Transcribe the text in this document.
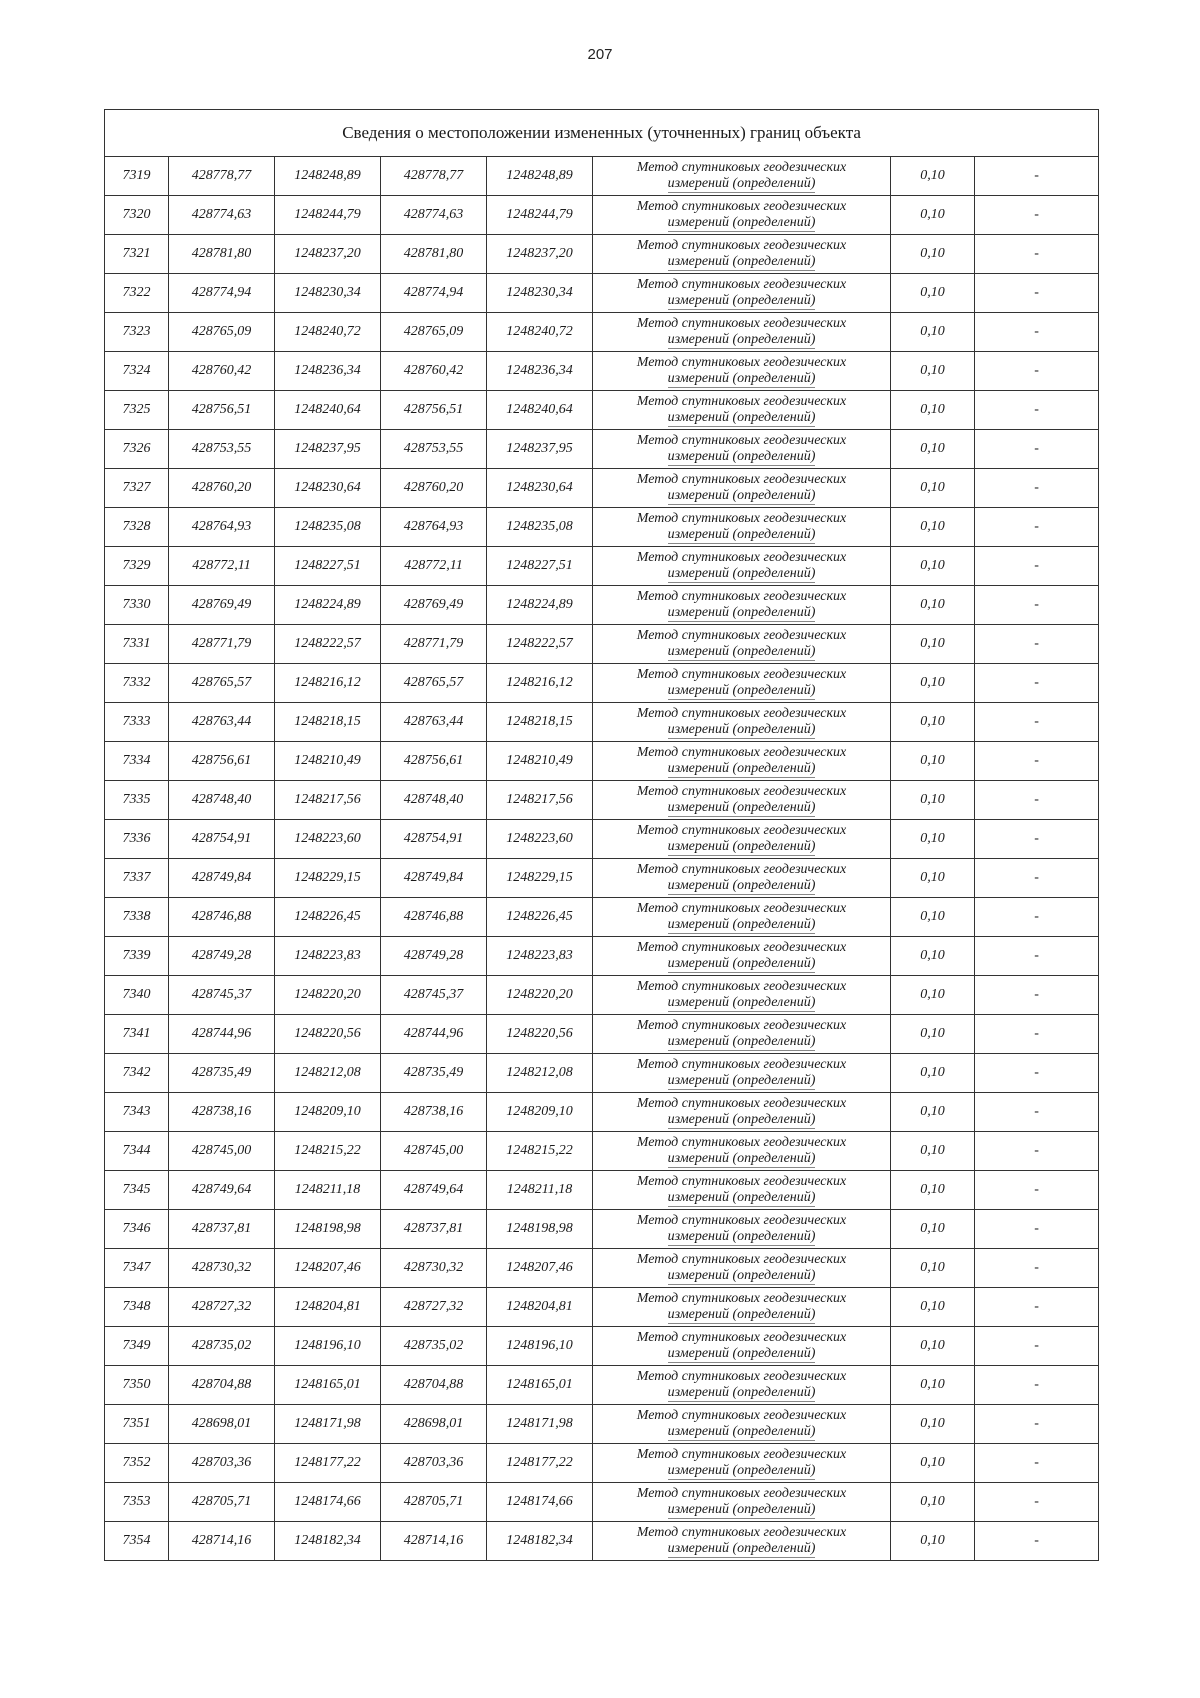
207
Сведения о местоположении измененных (уточненных) границ объекта							
7319	428778,77	1248248,89	428778,77	1248248,89	Метод спутниковых геодезических
измерений (определений)	0,10	-
7320	428774,63	1248244,79	428774,63	1248244,79	Метод спутниковых геодезических
измерений (определений)	0,10	-
7321	428781,80	1248237,20	428781,80	1248237,20	Метод спутниковых геодезических
измерений (определений)	0,10	-
7322	428774,94	1248230,34	428774,94	1248230,34	Метод спутниковых геодезических
измерений (определений)	0,10	-
7323	428765,09	1248240,72	428765,09	1248240,72	Метод спутниковых геодезических
измерений (определений)	0,10	-
7324	428760,42	1248236,34	428760,42	1248236,34	Метод спутниковых геодезических
измерений (определений)	0,10	-
7325	428756,51	1248240,64	428756,51	1248240,64	Метод спутниковых геодезических
измерений (определений)	0,10	-
7326	428753,55	1248237,95	428753,55	1248237,95	Метод спутниковых геодезических
измерений (определений)	0,10	-
7327	428760,20	1248230,64	428760,20	1248230,64	Метод спутниковых геодезических
измерений (определений)	0,10	-
7328	428764,93	1248235,08	428764,93	1248235,08	Метод спутниковых геодезических
измерений (определений)	0,10	-
7329	428772,11	1248227,51	428772,11	1248227,51	Метод спутниковых геодезических
измерений (определений)	0,10	-
7330	428769,49	1248224,89	428769,49	1248224,89	Метод спутниковых геодезических
измерений (определений)	0,10	-
7331	428771,79	1248222,57	428771,79	1248222,57	Метод спутниковых геодезических
измерений (определений)	0,10	-
7332	428765,57	1248216,12	428765,57	1248216,12	Метод спутниковых геодезических
измерений (определений)	0,10	-
7333	428763,44	1248218,15	428763,44	1248218,15	Метод спутниковых геодезических
измерений (определений)	0,10	-
7334	428756,61	1248210,49	428756,61	1248210,49	Метод спутниковых геодезических
измерений (определений)	0,10	-
7335	428748,40	1248217,56	428748,40	1248217,56	Метод спутниковых геодезических
измерений (определений)	0,10	-
7336	428754,91	1248223,60	428754,91	1248223,60	Метод спутниковых геодезических
измерений (определений)	0,10	-
7337	428749,84	1248229,15	428749,84	1248229,15	Метод спутниковых геодезических
измерений (определений)	0,10	-
7338	428746,88	1248226,45	428746,88	1248226,45	Метод спутниковых геодезических
измерений (определений)	0,10	-
7339	428749,28	1248223,83	428749,28	1248223,83	Метод спутниковых геодезических
измерений (определений)	0,10	-
7340	428745,37	1248220,20	428745,37	1248220,20	Метод спутниковых геодезических
измерений (определений)	0,10	-
7341	428744,96	1248220,56	428744,96	1248220,56	Метод спутниковых геодезических
измерений (определений)	0,10	-
7342	428735,49	1248212,08	428735,49	1248212,08	Метод спутниковых геодезических
измерений (определений)	0,10	-
7343	428738,16	1248209,10	428738,16	1248209,10	Метод спутниковых геодезических
измерений (определений)	0,10	-
7344	428745,00	1248215,22	428745,00	1248215,22	Метод спутниковых геодезических
измерений (определений)	0,10	-
7345	428749,64	1248211,18	428749,64	1248211,18	Метод спутниковых геодезических
измерений (определений)	0,10	-
7346	428737,81	1248198,98	428737,81	1248198,98	Метод спутниковых геодезических
измерений (определений)	0,10	-
7347	428730,32	1248207,46	428730,32	1248207,46	Метод спутниковых геодезических
измерений (определений)	0,10	-
7348	428727,32	1248204,81	428727,32	1248204,81	Метод спутниковых геодезических
измерений (определений)	0,10	-
7349	428735,02	1248196,10	428735,02	1248196,10	Метод спутниковых геодезических
измерений (определений)	0,10	-
7350	428704,88	1248165,01	428704,88	1248165,01	Метод спутниковых геодезических
измерений (определений)	0,10	-
7351	428698,01	1248171,98	428698,01	1248171,98	Метод спутниковых геодезических
измерений (определений)	0,10	-
7352	428703,36	1248177,22	428703,36	1248177,22	Метод спутниковых геодезических
измерений (определений)	0,10	-
7353	428705,71	1248174,66	428705,71	1248174,66	Метод спутниковых геодезических
измерений (определений)	0,10	-
7354	428714,16	1248182,34	428714,16	1248182,34	Метод спутниковых геодезических
измерений (определений)	0,10	-
